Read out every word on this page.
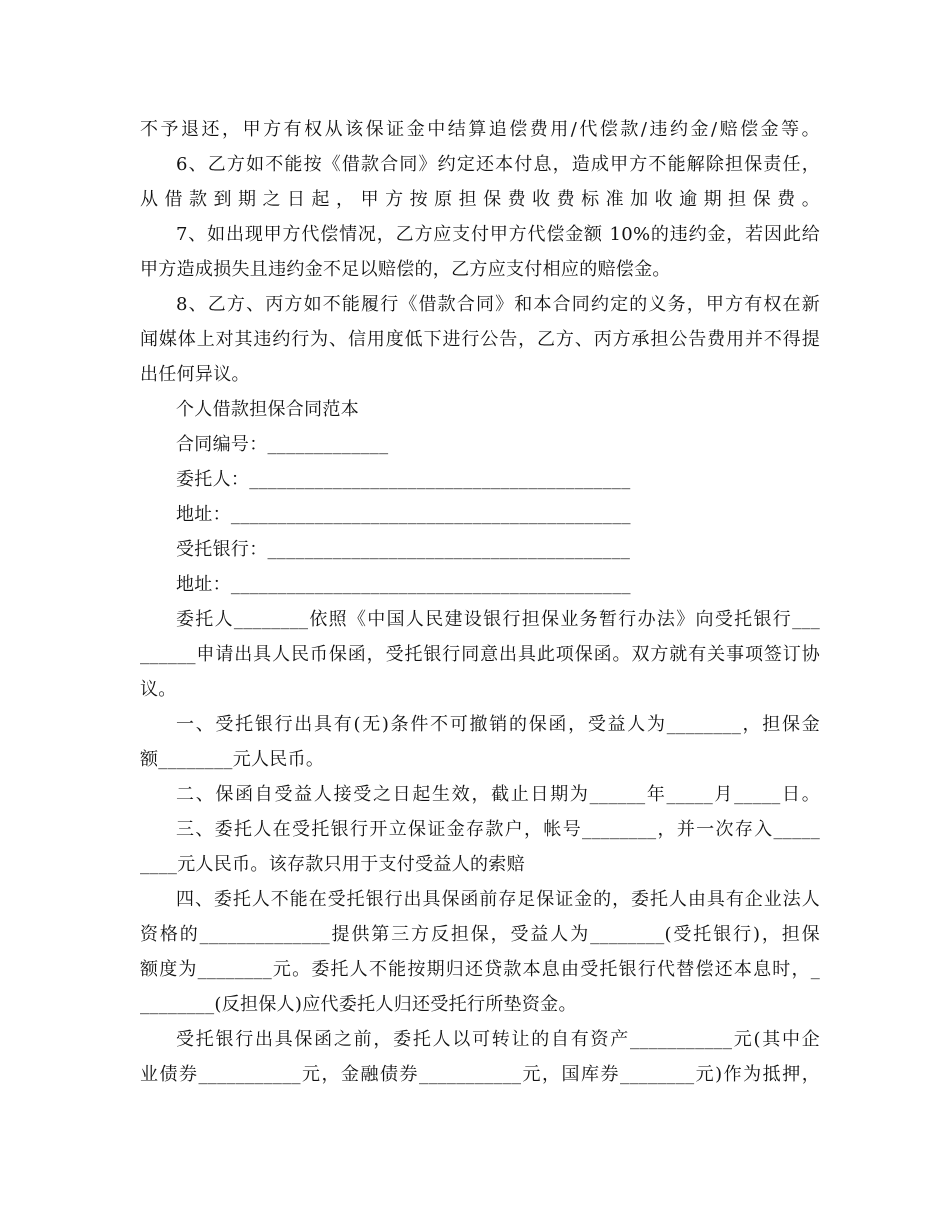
不予退还，甲方有权从该保证金中结算追偿费用/代偿款/违约金/赔偿金等。
6、乙方如不能按《借款合同》约定还本付息，造成甲方不能解除担保责任，
从借款到期之日起，甲方按原担保费收费标准加收逾期担保费。
7、如出现甲方代偿情况，乙方应支付甲方代偿金额 10%的违约金，若因此给
甲方造成损失且违约金不足以赔偿的，乙方应支付相应的赔偿金。
8、乙方、丙方如不能履行《借款合同》和本合同约定的义务，甲方有权在新
闻媒体上对其违约行为、信用度低下进行公告，乙方、丙方承担公告费用并不得提
出任何异议。
个人借款担保合同范本
合同编号：_____________
委托人：_________________________________________
地址：___________________________________________
受托银行：_______________________________________
地址：___________________________________________
委托人________依照《中国人民建设银行担保业务暂行办法》向受托银行___
______申请出具人民币保函，受托银行同意出具此项保函。双方就有关事项签订协
议。
一、受托银行出具有(无)条件不可撤销的保函，受益人为________，担保金
额________元人民币。
二、保函自受益人接受之日起生效，截止日期为______年_____月_____日。
三、委托人在受托银行开立保证金存款户，帐号________，并一次存入_____
____元人民币。该存款只用于支付受益人的索赔
四、委托人不能在受托银行出具保函前存足保证金的，委托人由具有企业法人
资格的______________提供第三方反担保，受益人为________(受托银行)，担保
额度为________元。委托人不能按期归还贷款本息由受托银行代替偿还本息时，_
________(反担保人)应代委托人归还受托行所垫资金。
受托银行出具保函之前，委托人以可转让的自有资产___________元(其中企
业债券___________元，金融债券___________元，国库券________元)作为抵押，
